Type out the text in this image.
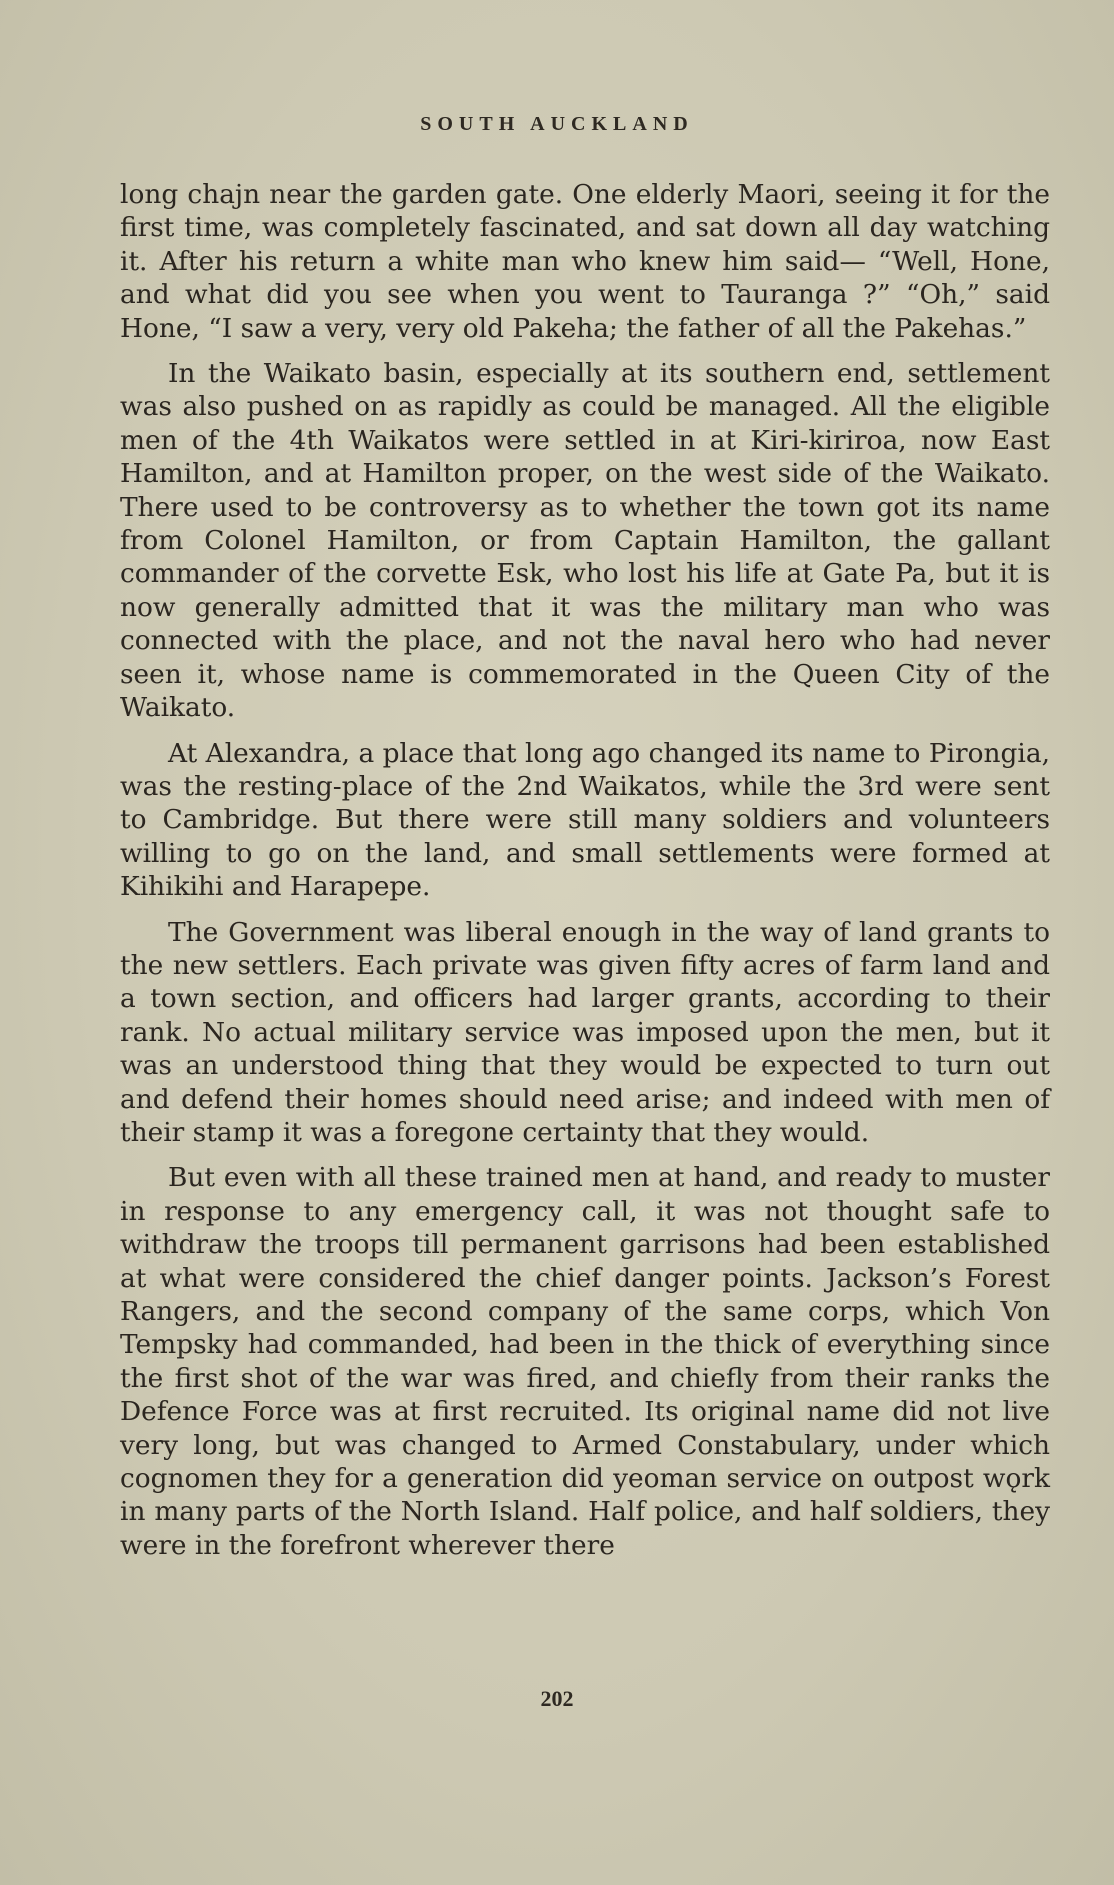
SOUTH AUCKLAND

long chajn near the garden gate. One elderly Maori, seeing it for the first time, was completely fascinated, and sat down all day watching it. After his return a white man who knew him said— “Well, Hone, and what did you see when you went to Tauranga ?” “Oh,” said Hone, “I saw a very, very old Pakeha; the father of all the Pakehas.”

In the Waikato basin, especially at its southern end, settlement was also pushed on as rapidly as could be managed. All the eligible men of the 4th Waikatos were settled in at Kiri-kiriroa, now East Hamilton, and at Hamilton proper, on the west side of the Waikato. There used to be controversy as to whether the town got its name from Colonel Hamilton, or from Captain Hamilton, the gallant commander of the corvette Esk, who lost his life at Gate Pa, but it is now generally admitted that it was the military man who was connected with the place, and not the naval hero who had never seen it, whose name is commemorated in the Queen City of the Waikato.

At Alexandra, a place that long ago changed its name to Pirongia, was the resting-place of the 2nd Waikatos, while the 3rd were sent to Cambridge. But there were still many soldiers and volunteers willing to go on the land, and small settlements were formed at Kihikihi and Harapepe.

The Government was liberal enough in the way of land grants to the new settlers. Each private was given fifty acres of farm land and a town section, and officers had larger grants, according to their rank. No actual military service was imposed upon the men, but it was an understood thing that they would be expected to turn out and defend their homes should need arise; and indeed with men of their stamp it was a foregone certainty that they would.

But even with all these trained men at hand, and ready to muster in response to any emergency call, it was not thought safe to withdraw the troops till permanent garrisons had been established at what were considered the chief danger points. Jackson’s Forest Rangers, and the second company of the same corps, which Von Tempsky had commanded, had been in the thick of everything since the first shot of the war was fired, and chiefly from their ranks the Defence Force was at first recruited. Its original name did not live very long, but was changed to Armed Constabulary, under which cognomen they for a generation did yeoman service on outpost wǫrk in many parts of the North Island. Half police, and half soldiers, they were in the forefront wherever there

202
